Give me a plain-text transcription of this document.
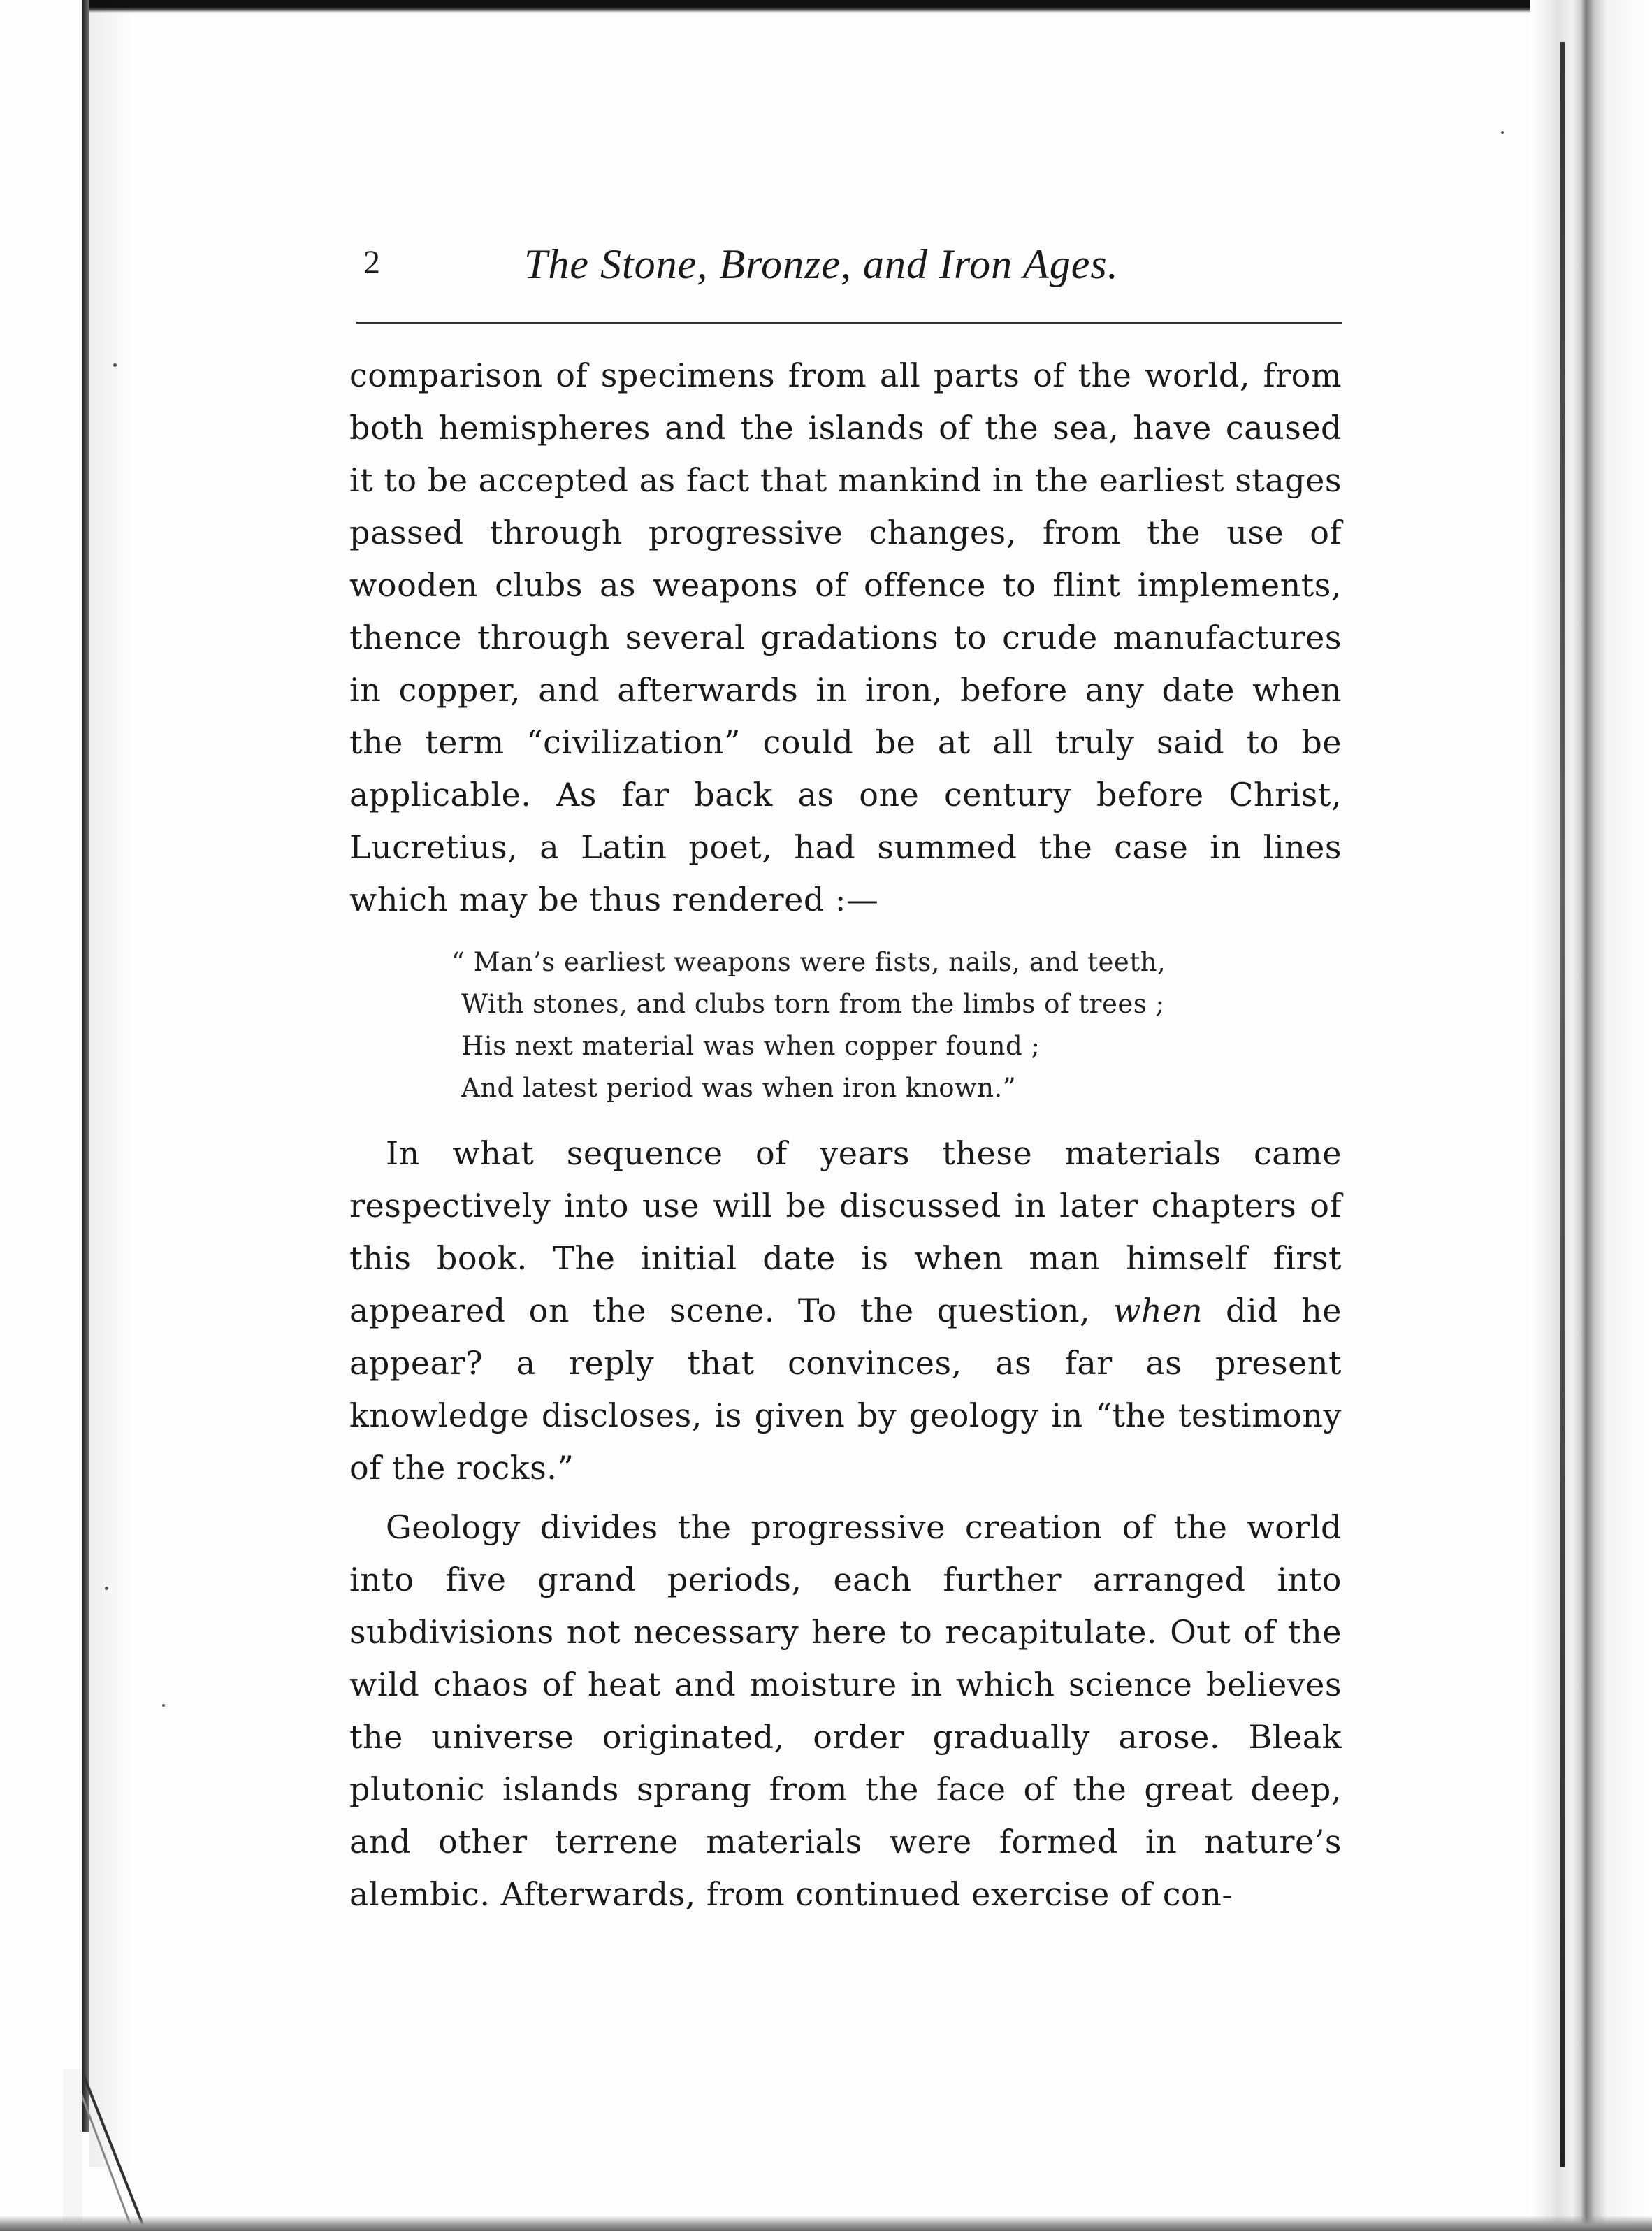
2	The Stone, Bronze, and Iron Ages.

comparison of specimens from all parts of the world, from both hemispheres and the islands of the sea, have caused it to be accepted as fact that mankind in the earliest stages passed through progressive changes, from the use of wooden clubs as weapons of offence to flint implements, thence through several gradations to crude manufactures in copper, and afterwards in iron, before any date when the term “civilization” could be at all truly said to be applicable. As far back as one century before Christ, Lucretius, a Latin poet, had summed the case in lines which may be thus rendered :—

“ Man’s earliest weapons were fists, nails, and teeth,
With stones, and clubs torn from the limbs of trees ;
His next material was when copper found ;
And latest period was when iron known.”

In what sequence of years these materials came respectively into use will be discussed in later chapters of this book. The initial date is when man himself first appeared on the scene. To the question, when did he appear? a reply that convinces, as far as present knowledge discloses, is given by geology in “the testimony of the rocks.”

Geology divides the progressive creation of the world into five grand periods, each further arranged into subdivisions not necessary here to recapitulate. Out of the wild chaos of heat and moisture in which science believes the universe originated, order gradually arose. Bleak plutonic islands sprang from the face of the great deep, and other terrene materials were formed in nature’s alembic. Afterwards, from continued exercise of con-
